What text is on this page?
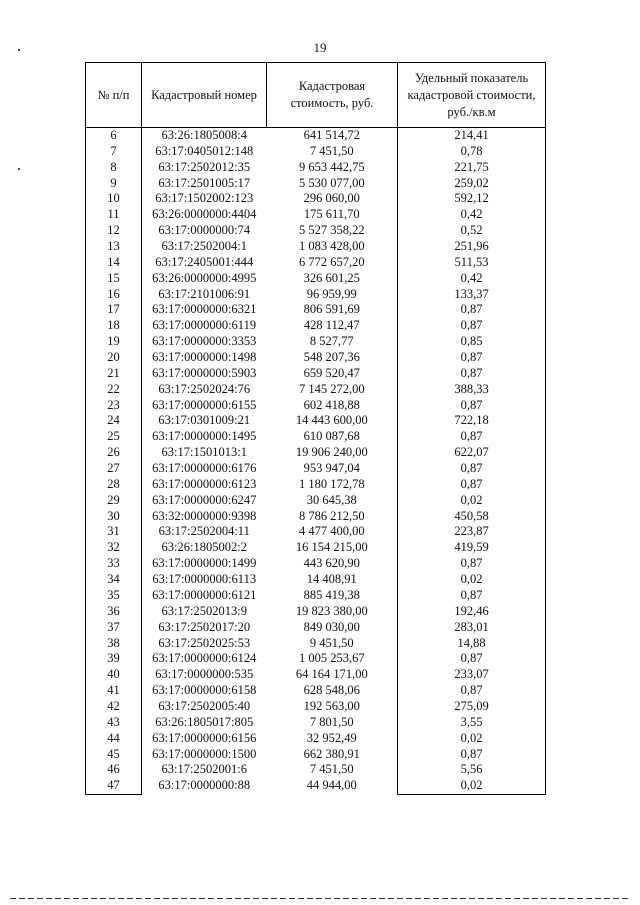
19
№ п/п	Кадастровый номер	Кадастровая стоимость, руб.	Удельный показатель кадастровой стоимости, руб./кв.м
6	63:26:1805008:4	641 514,72	214,41
7	63:17:0405012:148	7 451,50	0,78
8	63:17:2502012:35	9 653 442,75	221,75
9	63:17:2501005:17	5 530 077,00	259,02
10	63:17:1502002:123	296 060,00	592,12
11	63:26:0000000:4404	175 611,70	0,42
12	63:17:0000000:74	5 527 358,22	0,52
13	63:17:2502004:1	1 083 428,00	251,96
14	63:17:2405001:444	6 772 657,20	511,53
15	63:26:0000000:4995	326 601,25	0,42
16	63:17:2101006:91	96 959,99	133,37
17	63:17:0000000:6321	806 591,69	0,87
18	63:17:0000000:6119	428 112,47	0,87
19	63:17:0000000:3353	8 527,77	0,85
20	63:17:0000000:1498	548 207,36	0,87
21	63:17:0000000:5903	659 520,47	0,87
22	63:17:2502024:76	7 145 272,00	388,33
23	63:17:0000000:6155	602 418,88	0,87
24	63:17:0301009:21	14 443 600,00	722,18
25	63:17:0000000:1495	610 087,68	0,87
26	63:17:1501013:1	19 906 240,00	622,07
27	63:17:0000000:6176	953 947,04	0,87
28	63:17:0000000:6123	1 180 172,78	0,87
29	63:17:0000000:6247	30 645,38	0,02
30	63:32:0000000:9398	8 786 212,50	450,58
31	63:17:2502004:11	4 477 400,00	223,87
32	63:26:1805002:2	16 154 215,00	419,59
33	63:17:0000000:1499	443 620,90	0,87
34	63:17:0000000:6113	14 408,91	0,02
35	63:17:0000000:6121	885 419,38	0,87
36	63:17:2502013:9	19 823 380,00	192,46
37	63:17:2502017:20	849 030,00	283,01
38	63:17:2502025:53	9 451,50	14,88
39	63:17:0000000:6124	1 005 253,67	0,87
40	63:17:0000000:535	64 164 171,00	233,07
41	63:17:0000000:6158	628 548,06	0,87
42	63:17:2502005:40	192 563,00	275,09
43	63:26:1805017:805	7 801,50	3,55
44	63:17:0000000:6156	32 952,49	0,02
45	63:17:0000000:1500	662 380,91	0,87
46	63:17:2502001:6	7 451,50	5,56
47	63:17:0000000:88	44 944,00	0,02
